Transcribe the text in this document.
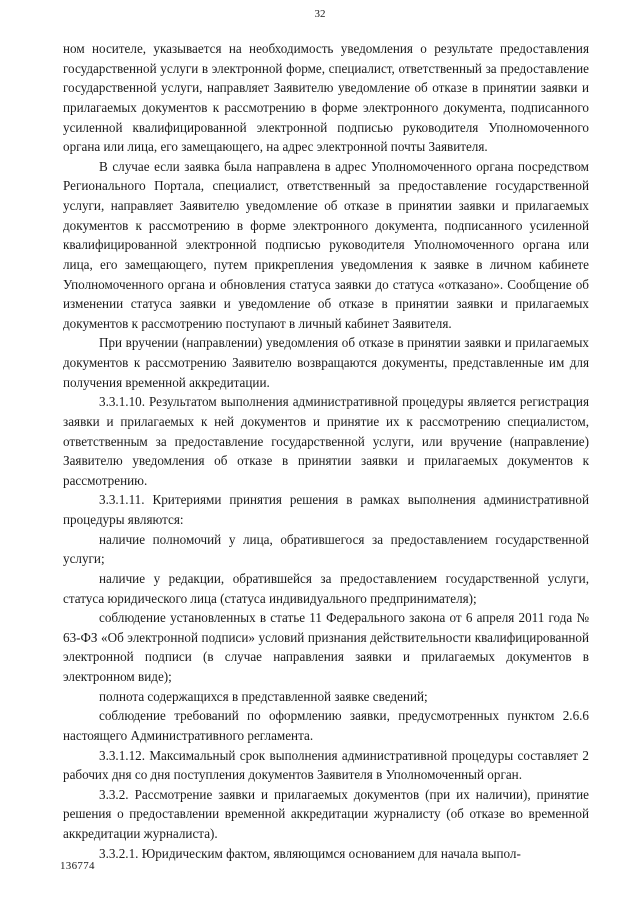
32

ном носителе, указывается на необходимость уведомления о результате предоставления государственной услуги в электронной форме, специалист, ответственный за предоставление государственной услуги, направляет Заявителю уведомление об отказе в принятии заявки и прилагаемых документов к рассмотрению в форме электронного документа, подписанного усиленной квалифицированной электронной подписью руководителя Уполномоченного органа или лица, его замещающего, на адрес электронной почты Заявителя.

В случае если заявка была направлена в адрес Уполномоченного органа посредством Регионального Портала, специалист, ответственный за предоставление государственной услуги, направляет Заявителю уведомление об отказе в принятии заявки и прилагаемых документов к рассмотрению в форме электронного документа, подписанного усиленной квалифицированной электронной подписью руководителя Уполномоченного органа или лица, его замещающего, путем прикрепления уведомления к заявке в личном кабинете Уполномоченного органа и обновления статуса заявки до статуса «отказано». Сообщение об изменении статуса заявки и уведомление об отказе в принятии заявки и прилагаемых документов к рассмотрению поступают в личный кабинет Заявителя.

При вручении (направлении) уведомления об отказе в принятии заявки и прилагаемых документов к рассмотрению Заявителю возвращаются документы, представленные им для получения временной аккредитации.

3.3.1.10. Результатом выполнения административной процедуры является регистрация заявки и прилагаемых к ней документов и принятие их к рассмотрению специалистом, ответственным за предоставление государственной услуги, или вручение (направление) Заявителю уведомления об отказе в принятии заявки и прилагаемых документов к рассмотрению.

3.3.1.11. Критериями принятия решения в рамках выполнения административной процедуры являются:

наличие полномочий у лица, обратившегося за предоставлением государственной услуги;

наличие у редакции, обратившейся за предоставлением государственной услуги, статуса юридического лица (статуса индивидуального предпринимателя);

соблюдение установленных в статье 11 Федерального закона от 6 апреля 2011 года № 63-ФЗ «Об электронной подписи» условий признания действительности квалифицированной электронной подписи (в случае направления заявки и прилагаемых документов в электронном виде);

полнота содержащихся в представленной заявке сведений;

соблюдение требований по оформлению заявки, предусмотренных пунктом 2.6.6 настоящего Административного регламента.

3.3.1.12. Максимальный срок выполнения административной процедуры составляет 2 рабочих дня со дня поступления документов Заявителя в Уполномоченный орган.

3.3.2. Рассмотрение заявки и прилагаемых документов (при их наличии), принятие решения о предоставлении временной аккредитации журналисту (об отказе во временной аккредитации журналиста).

3.3.2.1. Юридическим фактом, являющимся основанием для начала выпол-

136774
